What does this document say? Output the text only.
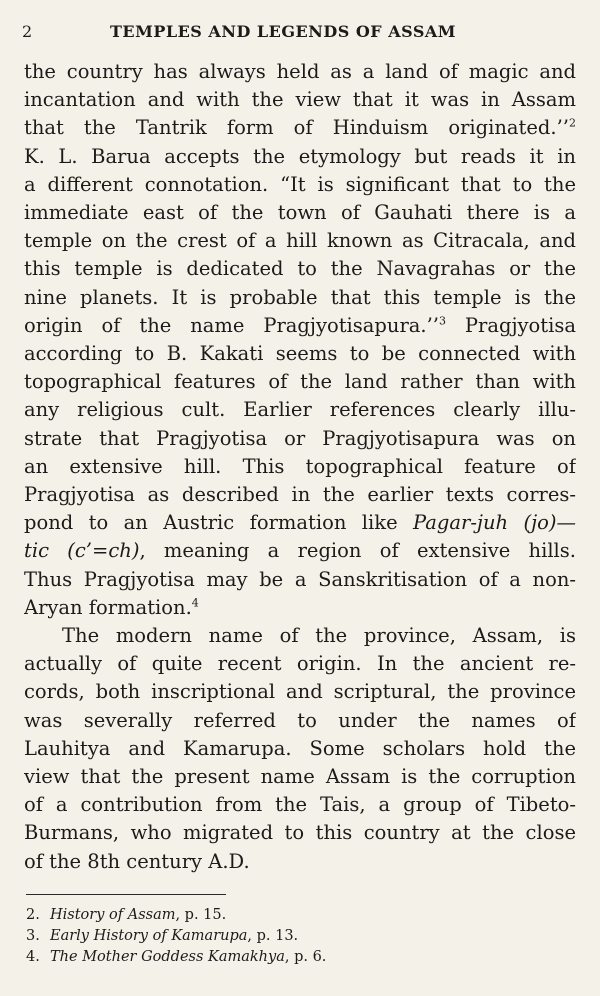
2	TEMPLES AND LEGENDS OF ASSAM
the country has always held as a land of magic and
incantation and with the view that it was in Assam
that the Tantrik form of Hinduism originated.’’$^2$
K. L. Barua accepts the etymology but reads it in
a different connotation. “It is significant that to the
immediate east of the town of Gauhati there is a
temple on the crest of a hill known as Citracala, and
this temple is dedicated to the Navagrahas or the
nine planets. It is probable that this temple is the
origin of the name Pragjyotisapura.’’$^3$ Pragjyotisa
according to B. Kakati seems to be connected with
topographical features of the land rather than with
any religious cult. Earlier references clearly illu-
strate that Pragjyotisa or Pragjyotisapura was on
an extensive hill. This topographical feature of
Pragjyotisa as described in the earlier texts corres-
pond to an Austric formation like Pagar-juh (jo)—
tic (c’=ch), meaning a region of extensive hills.
Thus Pragjyotisa may be a Sanskritisation of a non-
Aryan formation.$^4$
The modern name of the province, Assam, is
actually of quite recent origin. In the ancient re-
cords, both inscriptional and scriptural, the province
was severally referred to under the names of
Lauhitya and Kamarupa. Some scholars hold the
view that the present name Assam is the corruption
of a contribution from the Tais, a group of Tibeto-
Burmans, who migrated to this country at the close
of the 8th century A.D.
2. History of Assam, p. 15.
3. Early History of Kamarupa, p. 13.
4. The Mother Goddess Kamakhya, p. 6.
